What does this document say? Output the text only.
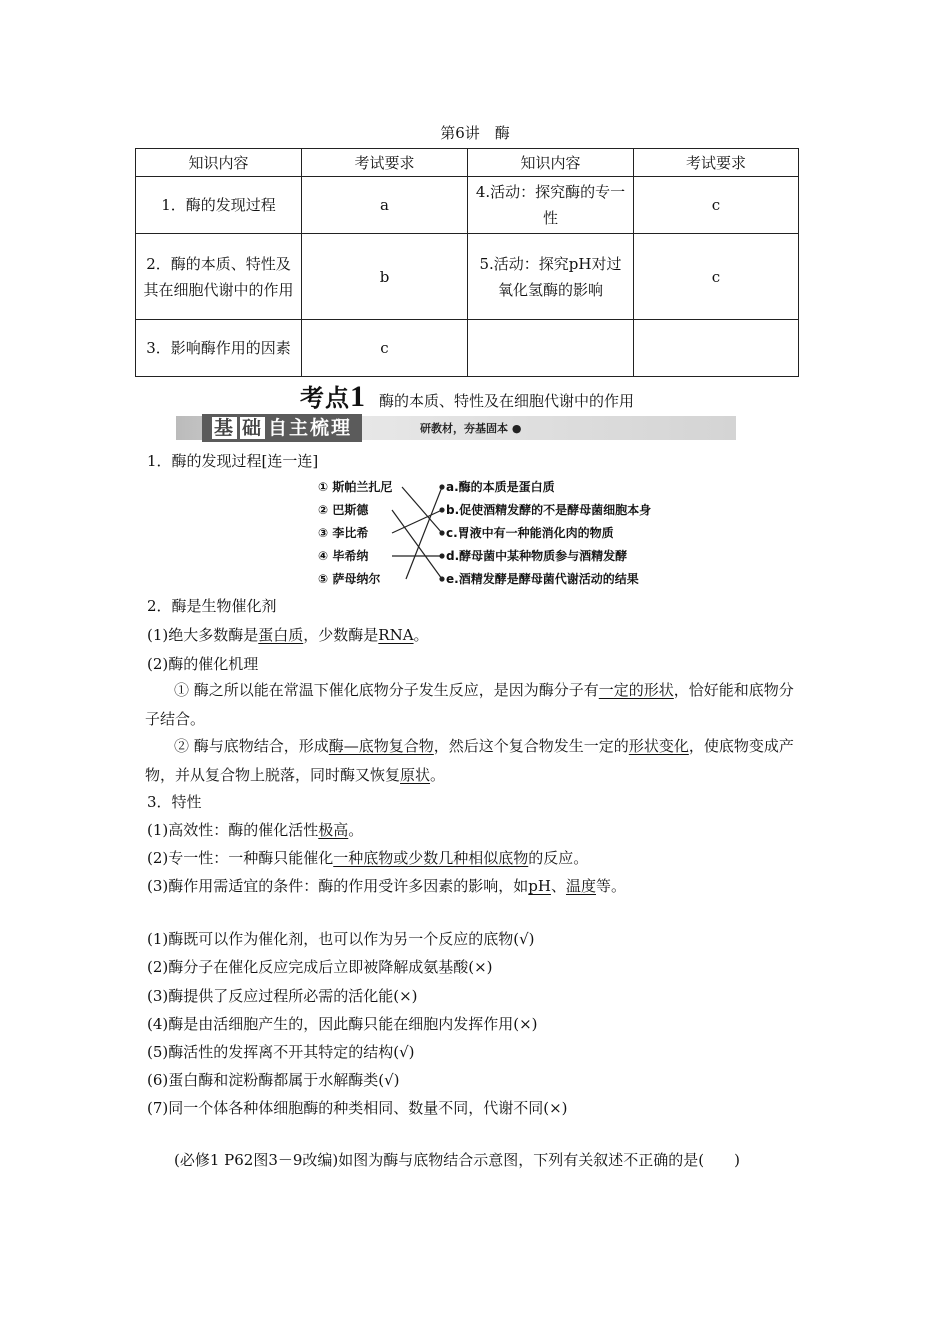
第6讲　酶
知识内容	考试要求	知识内容	考试要求
1．酶的发现过程	a	4.活动：探究酶的专一性	c
2．酶的本质、特性及其在细胞代谢中的作用	b	5.活动：探究pH对过氧化氢酶的影响	c
3．影响酶作用的因素	c		
考点 1 酶的本质、特性及在细胞代谢中的作用
基 础 自主梳理	研教材，夯基固本 ●
1．酶的发现过程[连一连]
① 斯帕兰扎尼
② 巴斯德
③ 李比希
④ 毕希纳
⑤ 萨母纳尔
a.酶的本质是蛋白质
b.促使酒精发酵的不是酵母菌细胞本身
c.胃液中有一种能消化肉的物质
d.酵母菌中某种物质参与酒精发酵
e.酒精发酵是酵母菌代谢活动的结果
2．酶是生物催化剂
(1)绝大多数酶是蛋白质，少数酶是RNA。
(2)酶的催化机理
① 酶之所以能在常温下催化底物分子发生反应，是因为酶分子有一定的形状，恰好能和底物分子结合。
② 酶与底物结合，形成酶—底物复合物，然后这个复合物发生一定的形状变化，使底物变成产物，并从复合物上脱落，同时酶又恢复原状。
3．特性
(1)高效性：酶的催化活性极高。
(2)专一性：一种酶只能催化一种底物或少数几种相似底物的反应。
(3)酶作用需适宜的条件：酶的作用受许多因素的影响，如pH、温度等。
(1)酶既可以作为催化剂，也可以作为另一个反应的底物(√)
(2)酶分子在催化反应完成后立即被降解成氨基酸(×)
(3)酶提供了反应过程所必需的活化能(×)
(4)酶是由活细胞产生的，因此酶只能在细胞内发挥作用(×)
(5)酶活性的发挥离不开其特定的结构(√)
(6)蛋白酶和淀粉酶都属于水解酶类(√)
(7)同一个体各种体细胞酶的种类相同、数量不同，代谢不同(×)
(必修1 P62图3－9改编)如图为酶与底物结合示意图，下列有关叙述不正确的是(　　)
